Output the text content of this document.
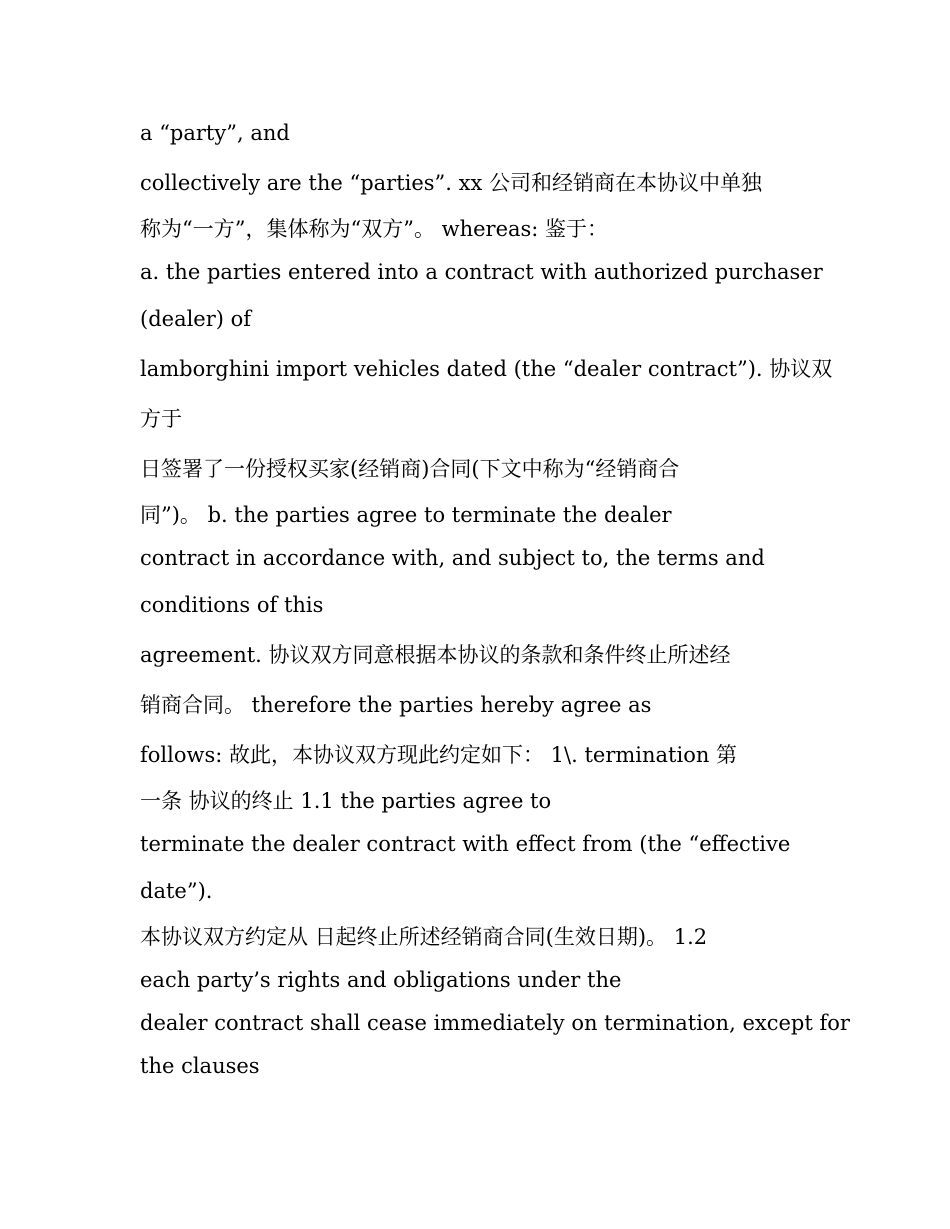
a “party”, and
collectively are the “parties”. xx 公司和经销商在本协议中单独
称为“一方”，集体称为“双方”。 whereas: 鉴于：
a. the parties entered into a contract with authorized purchaser
(dealer) of
lamborghini import vehicles dated (the “dealer contract”). 协议双
方于
日签署了一份授权买家(经销商)合同(下文中称为“经销商合
同”)。 b. the parties agree to terminate the dealer
contract in accordance with, and subject to, the terms and
conditions of this
agreement. 协议双方同意根据本协议的条款和条件终止所述经
销商合同。 therefore the parties hereby agree as
follows: 故此，本协议双方现此约定如下： 1\. termination 第
一条 协议的终止 1.1 the parties agree to
terminate the dealer contract with effect from (the “effective
date”).
本协议双方约定从 日起终止所述经销商合同(生效日期)。 1.2
each party’s rights and obligations under the
dealer contract shall cease immediately on termination, except for
the clauses
